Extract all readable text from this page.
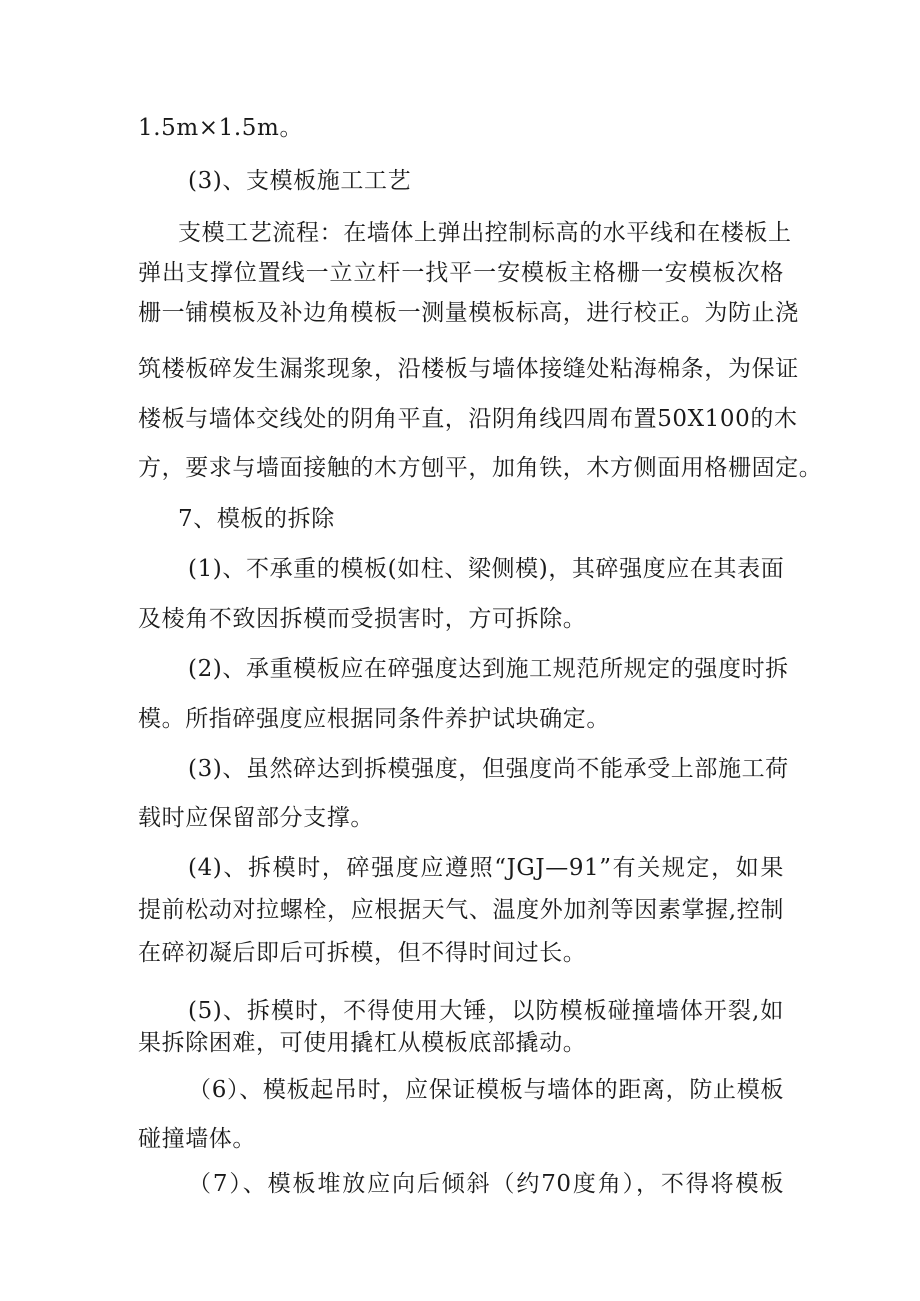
1.5m×1.5m。
(3)、支模板施工工艺
支模工艺流程：在墙体上弹出控制标高的水平线和在楼板上
弹出支撑位置线一立立杆一找平一安模板主格栅一安模板次格
栅一铺模板及补边角模板一测量模板标高，进行校正。为防止浇
筑楼板碎发生漏浆现象，沿楼板与墙体接缝处粘海棉条，为保证
楼板与墙体交线处的阴角平直，沿阴角线四周布置50X100的木
方，要求与墙面接触的木方刨平，加角铁，木方侧面用格栅固定。
7、模板的拆除
(1)、不承重的模板(如柱、梁侧模)，其碎强度应在其表面
及棱角不致因拆模而受损害时，方可拆除。
(2)、承重模板应在碎强度达到施工规范所规定的强度时拆
模。所指碎强度应根据同条件养护试块确定。
(3)、虽然碎达到拆模强度，但强度尚不能承受上部施工荷
载时应保留部分支撑。
(4)、拆模时，碎强度应遵照“JGJ—91”有关规定，如果
提前松动对拉螺栓，应根据天气、温度外加剂等因素掌握,控制
在碎初凝后即后可拆模，但不得时间过长。
(5)、拆模时，不得使用大锤，以防模板碰撞墙体开裂,如
果拆除困难，可使用撬杠从模板底部撬动。
（6）、模板起吊时，应保证模板与墙体的距离，防止模板
碰撞墙体。
（7）、模板堆放应向后倾斜（约70度角），不得将模板
